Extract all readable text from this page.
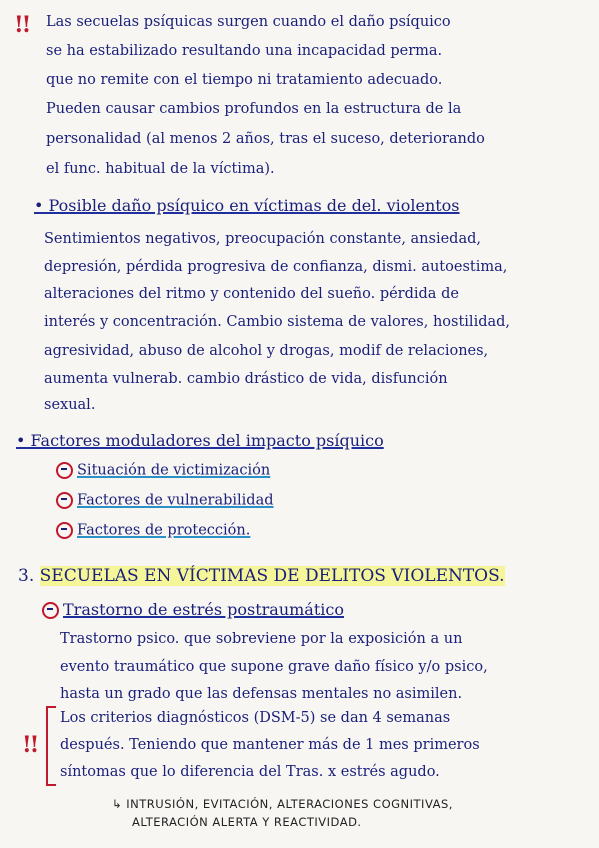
!! Las secuelas psíquicas surgen cuando el daño psíquico
se ha estabilizado resultando una incapacidad perma.
que no remite con el tiempo ni tratamiento adecuado.
Pueden causar cambios profundos en la estructura de la
personalidad (al menos 2 años, tras el suceso, deteriorando
el func. habitual de la víctima).
• Posible daño psíquico en víctimas de del. violentos
Sentimientos negativos, preocupación constante, ansiedad,
depresión, pérdida progresiva de confianza, dismi. autoestima,
alteraciones del ritmo y contenido del sueño. pérdida de
interés y concentración. Cambio sistema de valores, hostilidad,
agresividad, abuso de alcohol y drogas, modif de relaciones,
aumenta vulnerab. cambio drástico de vida, disfunción
sexual.
• Factores moduladores del impacto psíquico
Situación de victimización
Factores de vulnerabilidad
Factores de protección.
3. SECUELAS EN VÍCTIMAS DE DELITOS VIOLENTOS.
Trastorno de estrés postraumático
Trastorno psico. que sobreviene por la exposición a un
evento traumático que supone grave daño físico y/o psico,
hasta un grado que las defensas mentales no asimilen.
!!
Los criterios diagnósticos (DSM-5) se dan 4 semanas
después. Teniendo que mantener más de 1 mes primeros
síntomas que lo diferencia del Tras. x estrés agudo.
↳ INTRUSIÓN, EVITACIÓN, ALTERACIONES COGNITIVAS,
ALTERACIÓN ALERTA Y REACTIVIDAD.
